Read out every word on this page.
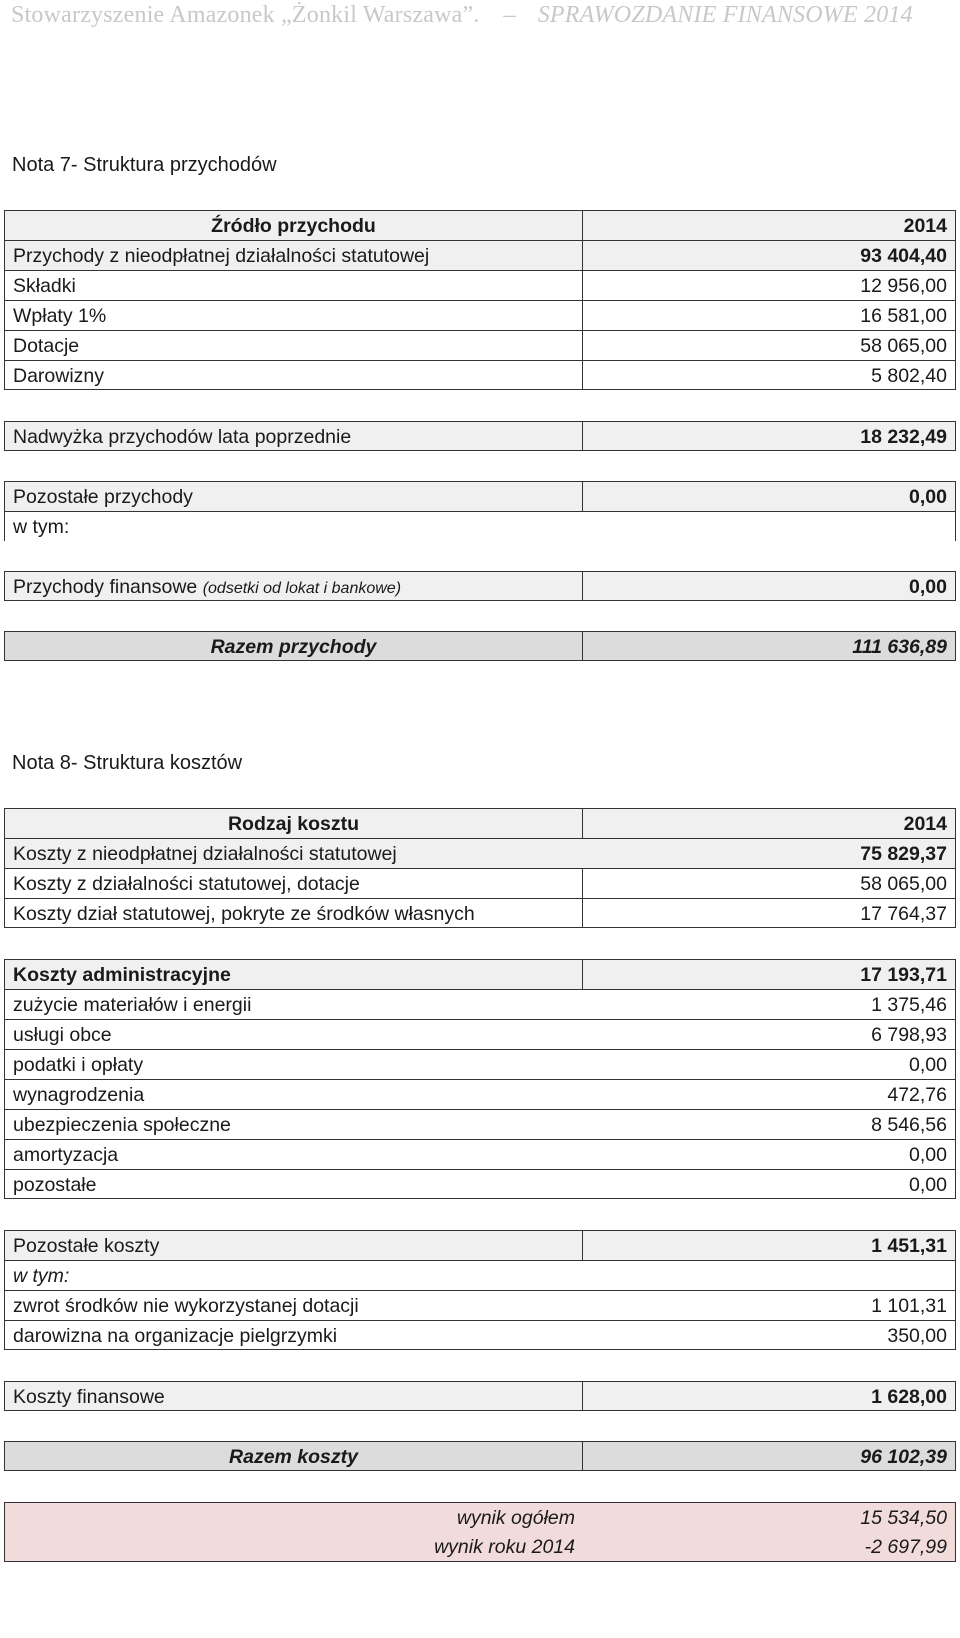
Stowarzyszenie Amazonek „Żonkil Warszawa”. – SPRAWOZDANIE FINANSOWE 2014
Nota 7- Struktura przychodów
Źródło przychodu	2014
Przychody z nieodpłatnej działalności statutowej	93 404,40
Składki	12 956,00
Wpłaty 1%	16 581,00
Dotacje	58 065,00
Darowizny	5 802,40
Nadwyżka przychodów lata poprzednie	18 232,49
Pozostałe przychody	0,00
w tym:
Przychody finansowe (odsetki od lokat i bankowe)	0,00
Razem przychody	111 636,89
Nota 8- Struktura kosztów
Rodzaj kosztu	2014
Koszty z nieodpłatnej działalności statutowej	75 829,37
Koszty z działalności statutowej, dotacje	58 065,00
Koszty dział statutowej, pokryte ze środków własnych	17 764,37
Koszty administracyjne	17 193,71
zużycie materiałów i energii	1 375,46
usługi obce	6 798,93
podatki i opłaty	0,00
wynagrodzenia	472,76
ubezpieczenia społeczne	8 546,56
amortyzacja	0,00
pozostałe	0,00
Pozostałe koszty	1 451,31
w tym:
zwrot środków nie wykorzystanej dotacji	1 101,31
darowizna na organizacje pielgrzymki	350,00
Koszty finansowe	1 628,00
Razem koszty	96 102,39
wynik ogółem	15 534,50
wynik roku 2014	-2 697,99
